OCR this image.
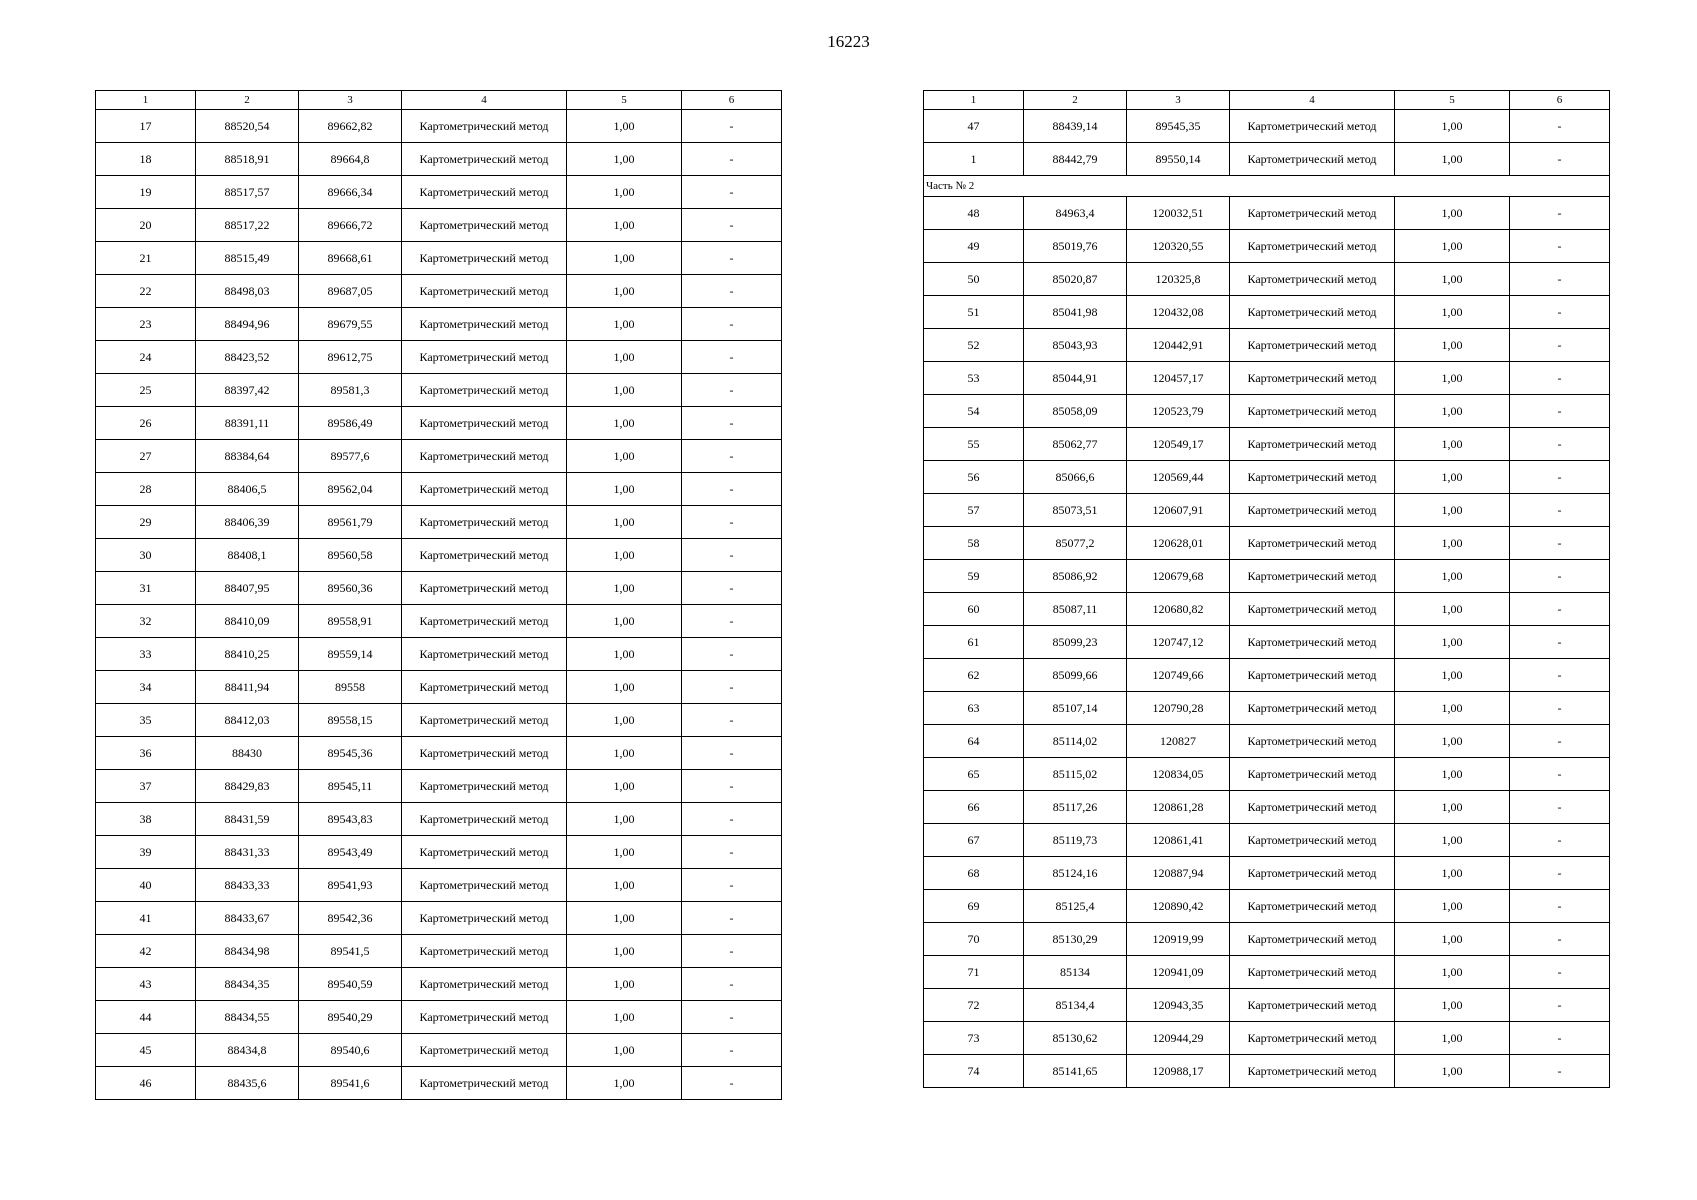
16223
1	2	3	4	5	6
17	88520,54	89662,82	Картометрический метод	1,00	-
18	88518,91	89664,8	Картометрический метод	1,00	-
19	88517,57	89666,34	Картометрический метод	1,00	-
20	88517,22	89666,72	Картометрический метод	1,00	-
21	88515,49	89668,61	Картометрический метод	1,00	-
22	88498,03	89687,05	Картометрический метод	1,00	-
23	88494,96	89679,55	Картометрический метод	1,00	-
24	88423,52	89612,75	Картометрический метод	1,00	-
25	88397,42	89581,3	Картометрический метод	1,00	-
26	88391,11	89586,49	Картометрический метод	1,00	-
27	88384,64	89577,6	Картометрический метод	1,00	-
28	88406,5	89562,04	Картометрический метод	1,00	-
29	88406,39	89561,79	Картометрический метод	1,00	-
30	88408,1	89560,58	Картометрический метод	1,00	-
31	88407,95	89560,36	Картометрический метод	1,00	-
32	88410,09	89558,91	Картометрический метод	1,00	-
33	88410,25	89559,14	Картометрический метод	1,00	-
34	88411,94	89558	Картометрический метод	1,00	-
35	88412,03	89558,15	Картометрический метод	1,00	-
36	88430	89545,36	Картометрический метод	1,00	-
37	88429,83	89545,11	Картометрический метод	1,00	-
38	88431,59	89543,83	Картометрический метод	1,00	-
39	88431,33	89543,49	Картометрический метод	1,00	-
40	88433,33	89541,93	Картометрический метод	1,00	-
41	88433,67	89542,36	Картометрический метод	1,00	-
42	88434,98	89541,5	Картометрический метод	1,00	-
43	88434,35	89540,59	Картометрический метод	1,00	-
44	88434,55	89540,29	Картометрический метод	1,00	-
45	88434,8	89540,6	Картометрический метод	1,00	-
46	88435,6	89541,6	Картометрический метод	1,00	-
1	2	3	4	5	6
47	88439,14	89545,35	Картометрический метод	1,00	-
1	88442,79	89550,14	Картометрический метод	1,00	-
Часть № 2					
48	84963,4	120032,51	Картометрический метод	1,00	-
49	85019,76	120320,55	Картометрический метод	1,00	-
50	85020,87	120325,8	Картометрический метод	1,00	-
51	85041,98	120432,08	Картометрический метод	1,00	-
52	85043,93	120442,91	Картометрический метод	1,00	-
53	85044,91	120457,17	Картометрический метод	1,00	-
54	85058,09	120523,79	Картометрический метод	1,00	-
55	85062,77	120549,17	Картометрический метод	1,00	-
56	85066,6	120569,44	Картометрический метод	1,00	-
57	85073,51	120607,91	Картометрический метод	1,00	-
58	85077,2	120628,01	Картометрический метод	1,00	-
59	85086,92	120679,68	Картометрический метод	1,00	-
60	85087,11	120680,82	Картометрический метод	1,00	-
61	85099,23	120747,12	Картометрический метод	1,00	-
62	85099,66	120749,66	Картометрический метод	1,00	-
63	85107,14	120790,28	Картометрический метод	1,00	-
64	85114,02	120827	Картометрический метод	1,00	-
65	85115,02	120834,05	Картометрический метод	1,00	-
66	85117,26	120861,28	Картометрический метод	1,00	-
67	85119,73	120861,41	Картометрический метод	1,00	-
68	85124,16	120887,94	Картометрический метод	1,00	-
69	85125,4	120890,42	Картометрический метод	1,00	-
70	85130,29	120919,99	Картометрический метод	1,00	-
71	85134	120941,09	Картометрический метод	1,00	-
72	85134,4	120943,35	Картометрический метод	1,00	-
73	85130,62	120944,29	Картометрический метод	1,00	-
74	85141,65	120988,17	Картометрический метод	1,00	-
